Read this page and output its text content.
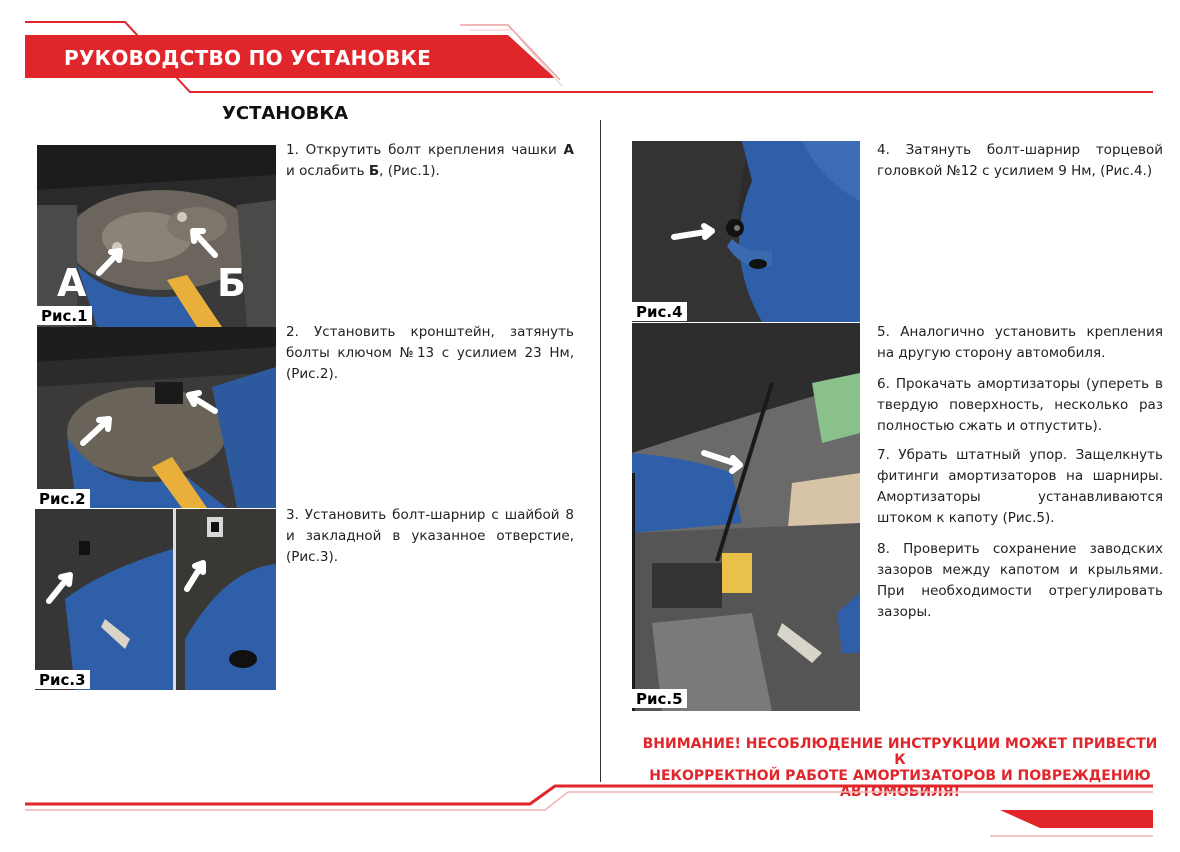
РУКОВОДСТВО ПО УСТАНОВКЕ
УСТАНОВКА
А	Б
Рис.1
Рис.2
Рис.3
Рис.4
Рис.5
1. Открутить болт крепления чашки А и ослабить Б, (Рис.1).
2. Установить кронштейн, затянуть болты ключом №13 с усилием 23 Нм, (Рис.2).
3. Установить болт-шарнир с шайбой 8 и закладной в указанное отверстие, (Рис.3).
4. Затянуть болт-шарнир торцевой головкой №12 с усилием 9 Нм, (Рис.4.)
5. Аналогично установить крепления на другую сторону автомобиля.
6. Прокачать амортизаторы (упереть в твердую поверхность, несколько раз полностью сжать и отпустить).
7. Убрать штатный упор. Защелкнуть фитинги амортизаторов на шарниры. Амортизаторы устанавливаются штоком к капоту (Рис.5).
8. Проверить сохранение заводских зазоров между капотом и крыльями. При необходимости отрегулировать зазоры.
ВНИМАНИЕ! НЕСОБЛЮДЕНИЕ ИНСТРУКЦИИ МОЖЕТ ПРИВЕСТИ К
НЕКОРРЕКТНОЙ РАБОТЕ АМОРТИЗАТОРОВ И ПОВРЕЖДЕНИЮ
АВТОМОБИЛЯ!
